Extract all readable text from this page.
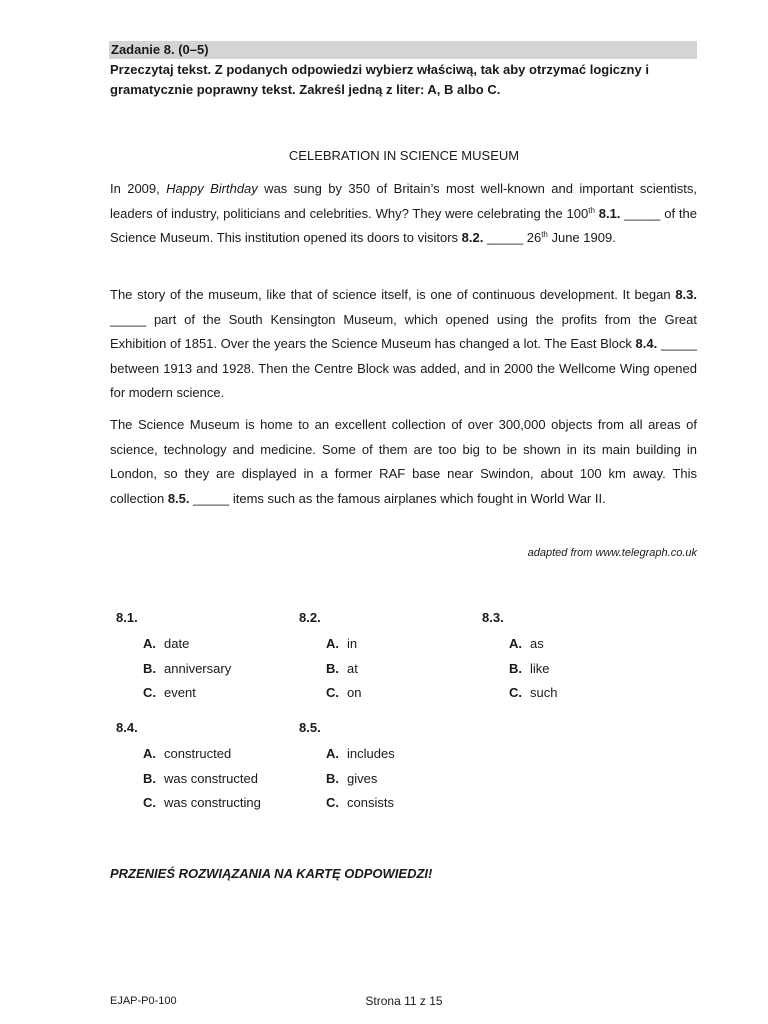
Zadanie 8. (0–5)
Przeczytaj tekst. Z podanych odpowiedzi wybierz właściwą, tak aby otrzymać logiczny i gramatycznie poprawny tekst. Zakreśl jedną z liter: A, B albo C.
CELEBRATION IN SCIENCE MUSEUM

In 2009, Happy Birthday was sung by 350 of Britain’s most well-known and important scientists, leaders of industry, politicians and celebrities. Why? They were celebrating the 100th 8.1. _____ of the Science Museum. This institution opened its doors to visitors 8.2. _____ 26th June 1909.

The story of the museum, like that of science itself, is one of continuous development. It began 8.3. _____ part of the South Kensington Museum, which opened using the profits from the Great Exhibition of 1851. Over the years the Science Museum has changed a lot. The East Block 8.4. _____ between 1913 and 1928. Then the Centre Block was added, and in 2000 the Wellcome Wing opened for modern science.

The Science Museum is home to an excellent collection of over 300,000 objects from all areas of science, technology and medicine. Some of them are too big to be shown in its main building in London, so they are displayed in a former RAF base near Swindon, about 100 km away. This collection 8.5. _____ items such as the famous airplanes which fought in World War II.

adapted from www.telegraph.co.uk
8.1.
A. date
B. anniversary
C. event
8.2.
A. in
B. at
C. on
8.3.
A. as
B. like
C. such
8.4.
A. constructed
B. was constructed
C. was constructing
8.5.
A. includes
B. gives
C. consists
PRZENIEŚ ROZWIĄZANIA NA KARTĘ ODPOWIEDZI!
EJAP-P0-100	Strona 11 z 15
